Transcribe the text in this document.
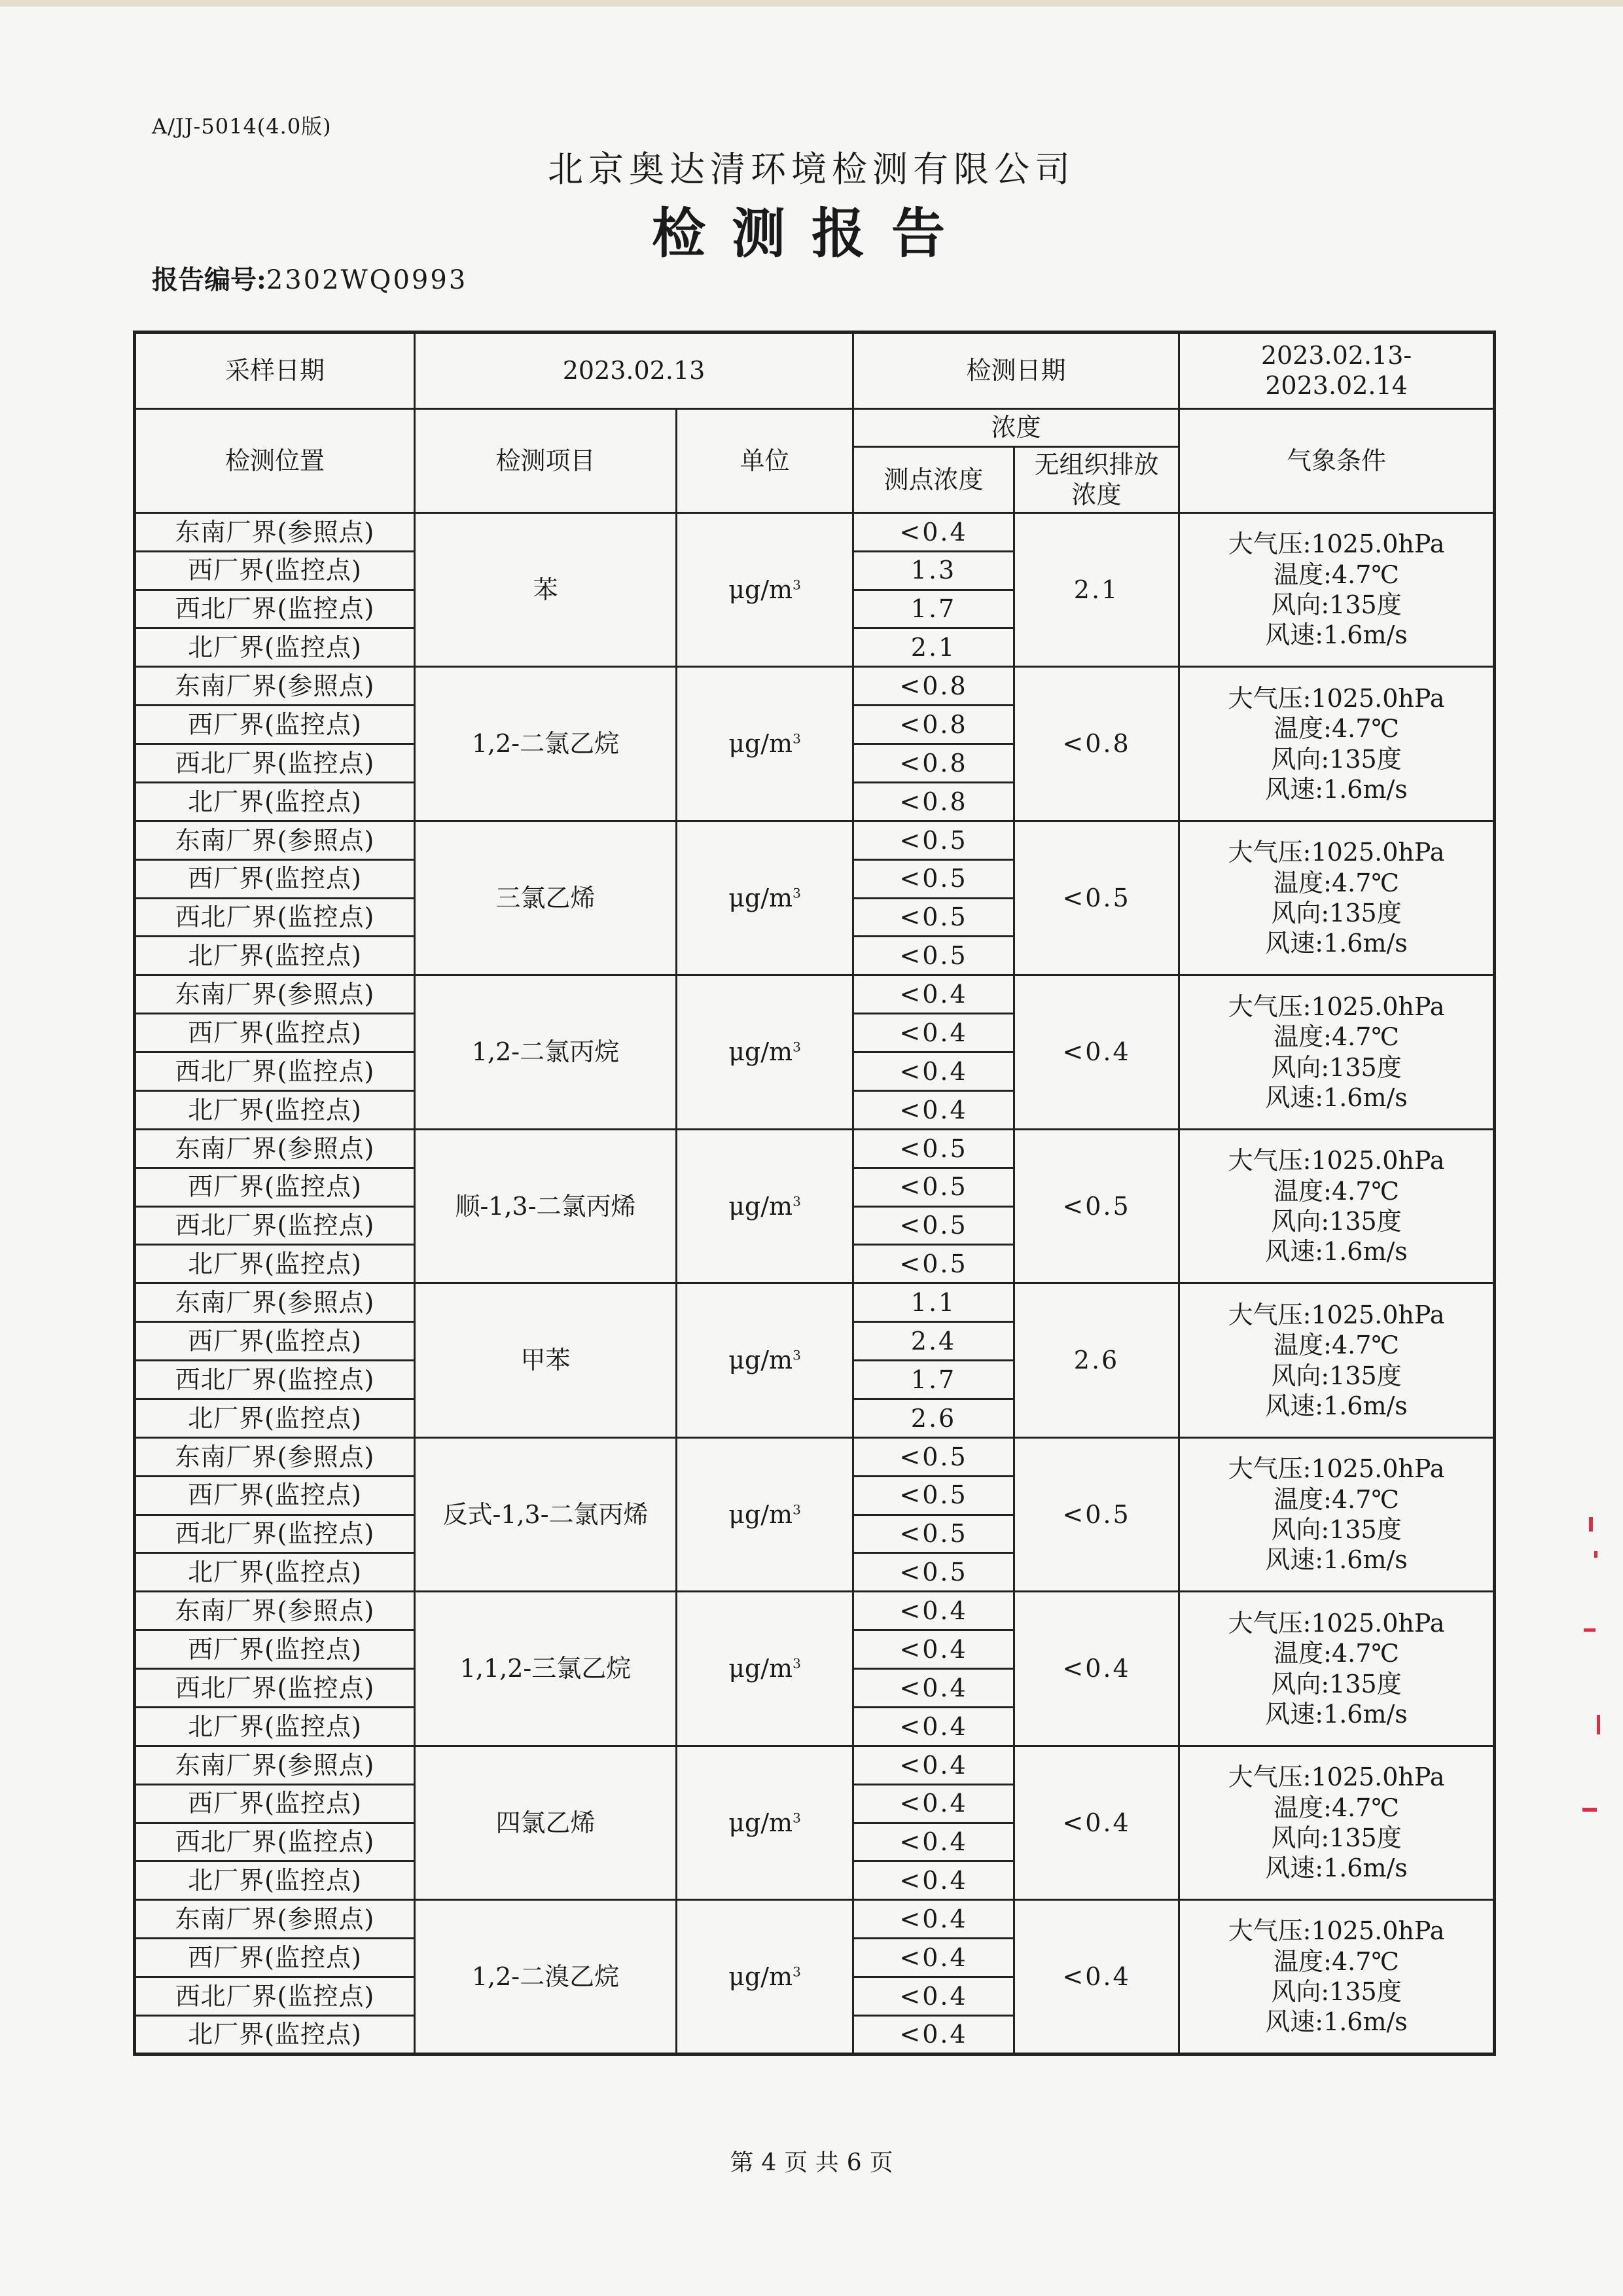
A/JJ-5014(4.0版)
北京奥达清环境检测有限公司
检测报告
报告编号:2302WQ0993
采样日期	2023.02.13		检测日期		2023.02.13-
2023.02.14

检测位置	检测项目	单位	浓度		气象条件
			测点浓度	无组织排放浓度	
东南厂界(参照点)	苯	$\mu g/m^3$	<0.4	2.1	大气压:1025.0hPa
温度:4.7℃
风向:135度
风速:1.6m/s

西厂界(监控点)			1.3		
西北厂界(监控点)			1.7		
北厂界(监控点)			2.1		
东南厂界(参照点)	1,2-二氯乙烷	$\mu g/m^3$	<0.8	<0.8	大气压:1025.0hPa
温度:4.7℃
风向:135度
风速:1.6m/s

西厂界(监控点)			<0.8		
西北厂界(监控点)			<0.8		
北厂界(监控点)			<0.8		
东南厂界(参照点)	三氯乙烯	$\mu g/m^3$	<0.5	<0.5	大气压:1025.0hPa
温度:4.7℃
风向:135度
风速:1.6m/s

西厂界(监控点)			<0.5		
西北厂界(监控点)			<0.5		
北厂界(监控点)			<0.5		
东南厂界(参照点)	1,2-二氯丙烷	$\mu g/m^3$	<0.4	<0.4	大气压:1025.0hPa
温度:4.7℃
风向:135度
风速:1.6m/s

西厂界(监控点)			<0.4		
西北厂界(监控点)			<0.4		
北厂界(监控点)			<0.4		
东南厂界(参照点)	顺-1,3-二氯丙烯	$\mu g/m^3$	<0.5	<0.5	大气压:1025.0hPa
温度:4.7℃
风向:135度
风速:1.6m/s

西厂界(监控点)			<0.5		
西北厂界(监控点)			<0.5		
北厂界(监控点)			<0.5		
东南厂界(参照点)	甲苯	$\mu g/m^3$	1.1	2.6	大气压:1025.0hPa
温度:4.7℃
风向:135度
风速:1.6m/s

西厂界(监控点)			2.4		
西北厂界(监控点)			1.7		
北厂界(监控点)			2.6		
东南厂界(参照点)	反式-1,3-二氯丙烯	$\mu g/m^3$	<0.5	<0.5	大气压:1025.0hPa
温度:4.7℃
风向:135度
风速:1.6m/s

西厂界(监控点)			<0.5		
西北厂界(监控点)			<0.5		
北厂界(监控点)			<0.5		
东南厂界(参照点)	1,1,2-三氯乙烷	$\mu g/m^3$	<0.4	<0.4	大气压:1025.0hPa
温度:4.7℃
风向:135度
风速:1.6m/s

西厂界(监控点)			<0.4		
西北厂界(监控点)			<0.4		
北厂界(监控点)			<0.4		
东南厂界(参照点)	四氯乙烯	$\mu g/m^3$	<0.4	<0.4	大气压:1025.0hPa
温度:4.7℃
风向:135度
风速:1.6m/s

西厂界(监控点)			<0.4		
西北厂界(监控点)			<0.4		
北厂界(监控点)			<0.4		
东南厂界(参照点)	1,2-二溴乙烷	$\mu g/m^3$	<0.4	<0.4	大气压:1025.0hPa
温度:4.7℃
风向:135度
风速:1.6m/s

西厂界(监控点)			<0.4		
西北厂界(监控点)			<0.4		
北厂界(监控点)			<0.4		
第 4 页 共 6 页
